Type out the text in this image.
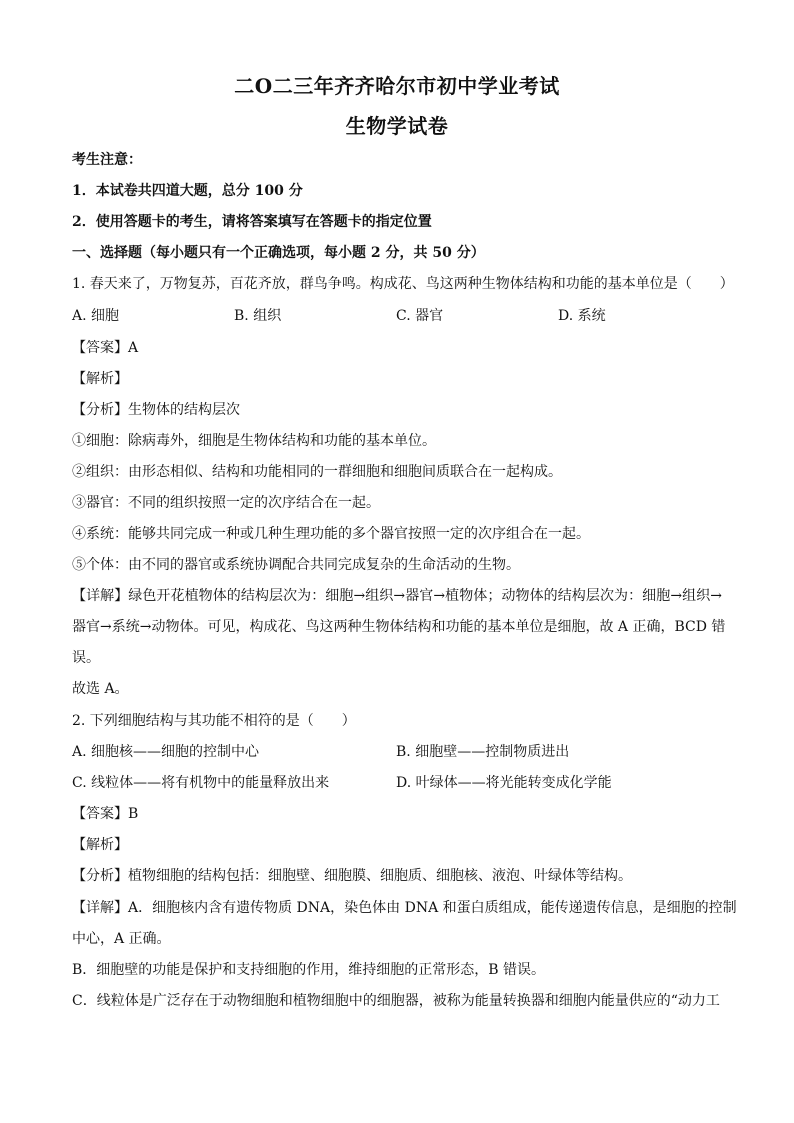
二O二三年齐齐哈尔市初中学业考试
生物学试卷
考生注意：
1．本试卷共四道大题，总分 100 分
2．使用答题卡的考生，请将答案填写在答题卡的指定位置
一、选择题（每小题只有一个正确选项，每小题 2 分，共 50 分）
1. 春天来了，万物复苏，百花齐放，群鸟争鸣。构成花、鸟这两种生物体结构和功能的基本单位是（　　）
A. 细胞	B. 组织	C. 器官	D. 系统
【答案】A
【解析】
【分析】生物体的结构层次
①细胞：除病毒外，细胞是生物体结构和功能的基本单位。
②组织：由形态相似、结构和功能相同的一群细胞和细胞间质联合在一起构成。
③器官：不同的组织按照一定的次序结合在一起。
④系统：能够共同完成一种或几种生理功能的多个器官按照一定的次序组合在一起。
⑤个体：由不同的器官或系统协调配合共同完成复杂的生命活动的生物。
【详解】绿色开花植物体的结构层次为：细胞→组织→器官→植物体；动物体的结构层次为：细胞→组织→
器官→系统→动物体。可见，构成花、鸟这两种生物体结构和功能的基本单位是细胞，故 A 正确，BCD 错
误。
故选 A。
2. 下列细胞结构与其功能不相符的是（　　）
A. 细胞核——细胞的控制中心	B. 细胞壁——控制物质进出
C. 线粒体——将有机物中的能量释放出来	D. 叶绿体——将光能转变成化学能
【答案】B
【解析】
【分析】植物细胞的结构包括：细胞壁、细胞膜、细胞质、细胞核、液泡、叶绿体等结构。
【详解】A．细胞核内含有遗传物质 DNA，染色体由 DNA 和蛋白质组成，能传递遗传信息，是细胞的控制
中心，A 正确。
B．细胞壁的功能是保护和支持细胞的作用，维持细胞的正常形态，B 错误。
C．线粒体是广泛存在于动物细胞和植物细胞中的细胞器，被称为能量转换器和细胞内能量供应的“动力工
